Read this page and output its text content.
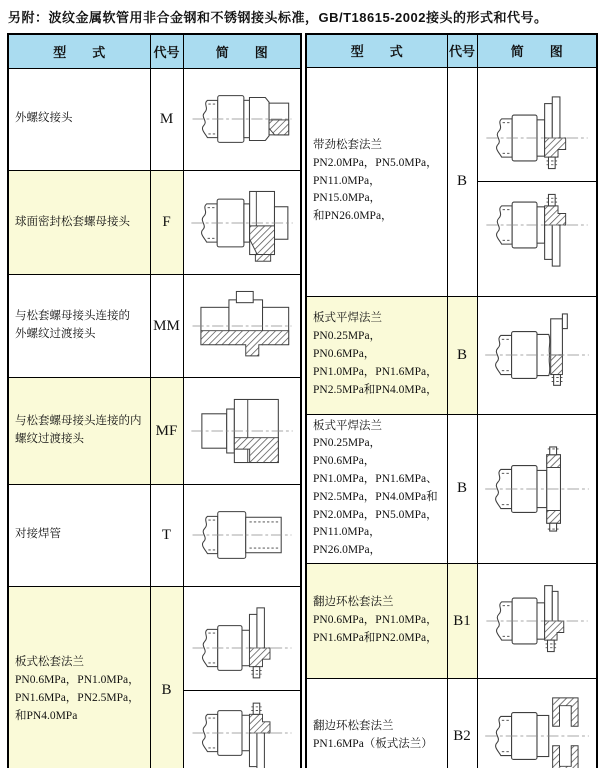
另附：波纹金属软管用非合金钢和不锈钢接头标准，GB/T18615-2002接头的形式和代号。
型　　式	代号	简　　图
外螺纹接头	M	

球面密封松套螺母接头	F	

与松套螺母接头连接的
外螺纹过渡接头	MM	

与松套螺母接头连接的内
螺纹过渡接头	MF	

对接焊管	T	

板式松套法兰
PN0.6MPa，PN1.0MPa，
PN1.6MPa，PN2.5MPa，
和PN4.0MPa	B	
型　　式	代号	简　　图
带劲松套法兰
PN2.0MPa，PN5.0MPa，
PN11.0MPa，PN15.0MPa，
和PN26.0MPa，	B	

板式平焊法兰
PN0.25MPa，PN0.6MPa，
PN1.0MPa，PN1.6MPa，
PN2.5MPa和PN4.0MPa，	B	

板式平焊法兰
PN0.25MPa，PN0.6MPa，
PN1.0MPa，PN1.6MPa、
PN2.5MPa，PN4.0MPa和
PN2.0MPa，PN5.0MPa，
PN11.0MPa，PN26.0MPa，	B	

翻边环松套法兰
PN0.6MPa，PN1.0MPa，
PN1.6MPa和PN2.0MPa，	B1	

翻边环松套法兰
PN1.6MPa（板式法兰）	B2	
